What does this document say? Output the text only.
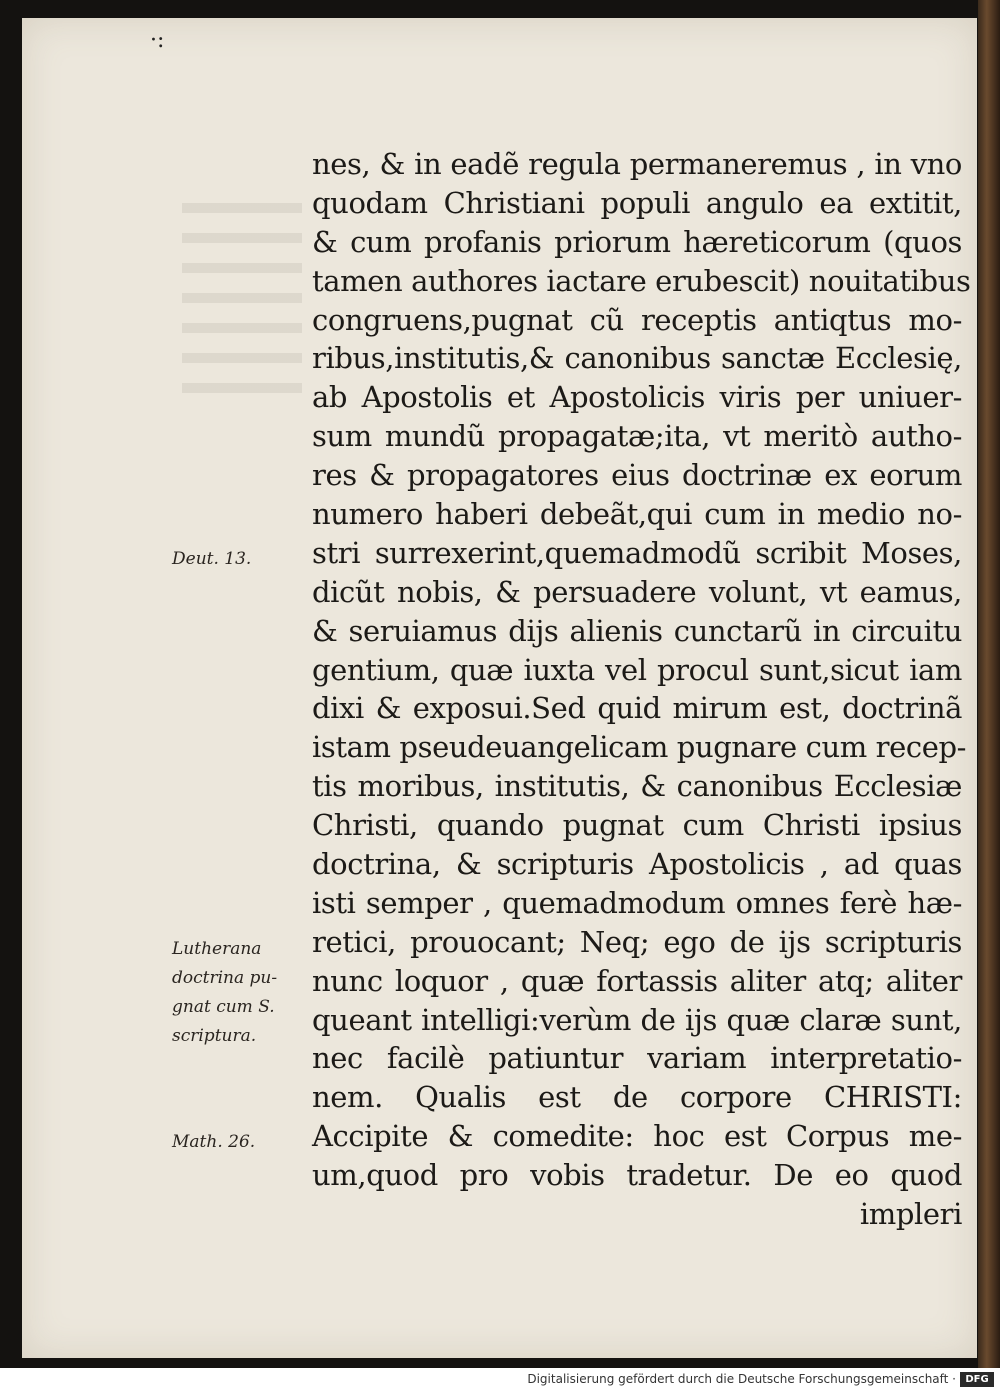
·:
nes, & in eadẽ regula permaneremus , in vno
quodam Christiani populi angulo ea extitit,
& cum profanis priorum hæreticorum (quos
tamen authores iactare erubescit) nouitatibus
congruens,pugnat cũ receptis antiqtus mo-
ribus,institutis,& canonibus sanctæ Ecclesię,
ab Apostolis et Apostolicis viris per uniuer-
sum mundũ propagatæ;ita, vt meritò autho-
res & propagatores eius doctrinæ ex eorum
numero haberi debeãt,qui cum in medio no-
stri surrexerint,quemadmodũ scribit Moses,
dicũt nobis, & persuadere volunt, vt eamus,
& seruiamus dijs alienis cunctarũ in circuitu
gentium, quæ iuxta vel procul sunt,sicut iam
dixi & exposui.Sed quid mirum est, doctrinã
istam pseudeuangelicam pugnare cum recep-
tis moribus, institutis, & canonibus Ecclesiæ
Christi, quando pugnat cum Christi ipsius
doctrina, & scripturis Apostolicis , ad quas
isti semper , quemadmodum omnes ferè hæ-
retici, prouocant; Neq; ego de ijs scripturis
nunc loquor , quæ fortassis aliter atq; aliter
queant intelligi:verùm de ijs quæ claræ sunt,
nec facilè patiuntur variam interpretatio-
nem. Qualis est de corpore CHRISTI:
Accipite & comedite: hoc est Corpus me-
um,quod pro vobis tradetur. De eo quod
impleri
Deut. 13.
Lutherana
doctrina pu-
gnat cum S.
scriptura.
Math. 26.
Digitalisierung gefördert durch die Deutsche Forschungsgemeinschaft · DFG
